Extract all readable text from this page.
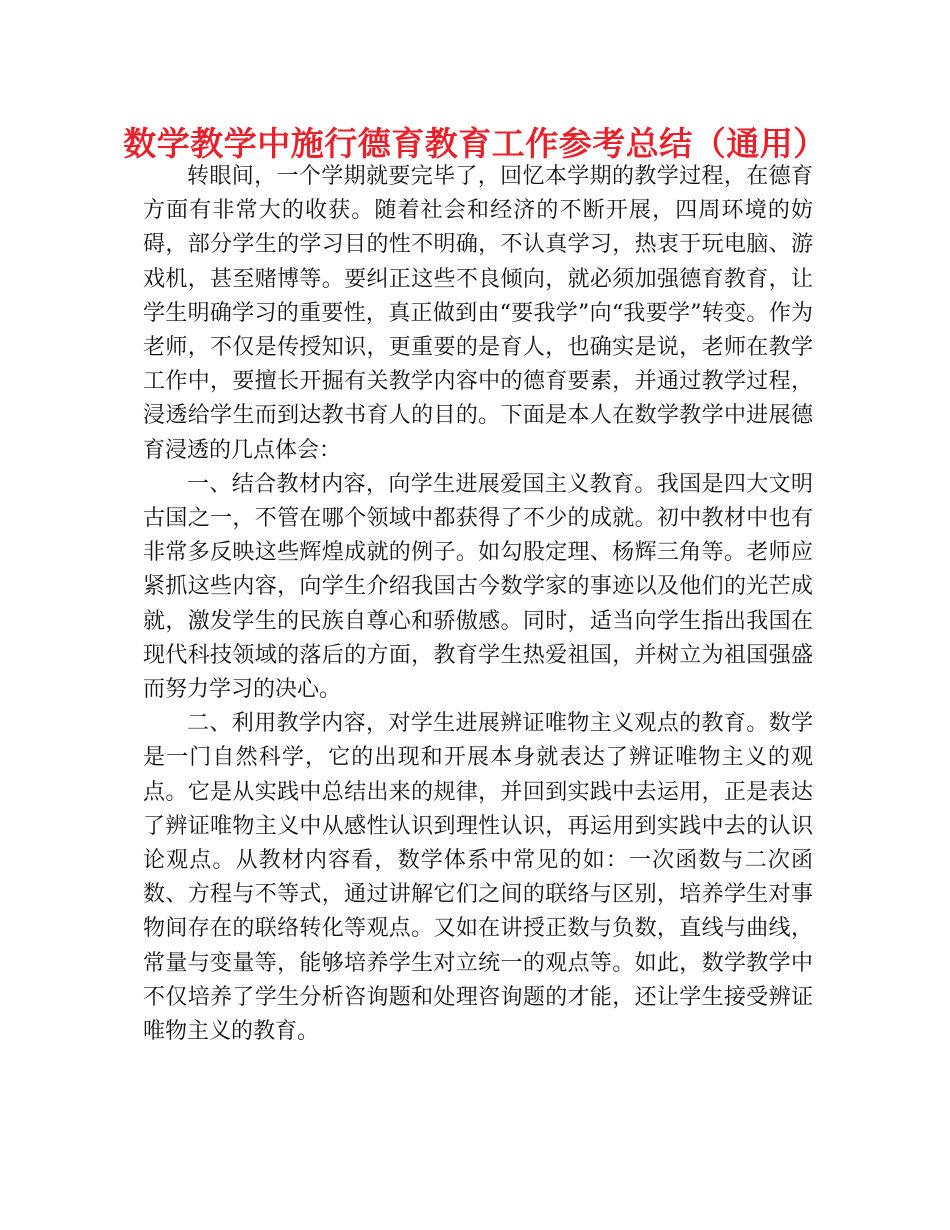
数学教学中施行德育教育工作参考总结（通用）

转眼间，一个学期就要完毕了，回忆本学期的教学过程，在德育方面有非常大的收获。随着社会和经济的不断开展，四周环境的妨碍，部分学生的学习目的性不明确，不认真学习，热衷于玩电脑、游戏机，甚至赌博等。要纠正这些不良倾向，就必须加强德育教育，让学生明确学习的重要性，真正做到由“要我学”向“我要学”转变。作为老师，不仅是传授知识，更重要的是育人，也确实是说，老师在教学工作中，要擅长开掘有关教学内容中的德育要素，并通过教学过程，浸透给学生而到达教书育人的目的。下面是本人在数学教学中进展德育浸透的几点体会：

一、结合教材内容，向学生进展爱国主义教育。我国是四大文明古国之一，不管在哪个领域中都获得了不少的成就。初中教材中也有非常多反映这些辉煌成就的例子。如勾股定理、杨辉三角等。老师应紧抓这些内容，向学生介绍我国古今数学家的事迹以及他们的光芒成就，激发学生的民族自尊心和骄傲感。同时，适当向学生指出我国在现代科技领域的落后的方面，教育学生热爱祖国，并树立为祖国强盛而努力学习的决心。

二、利用教学内容，对学生进展辨证唯物主义观点的教育。数学是一门自然科学，它的出现和开展本身就表达了辨证唯物主义的观点。它是从实践中总结出来的规律，并回到实践中去运用，正是表达了辨证唯物主义中从感性认识到理性认识，再运用到实践中去的认识论观点。从教材内容看，数学体系中常见的如：一次函数与二次函数、方程与不等式，通过讲解它们之间的联络与区别，培养学生对事物间存在的联络转化等观点。又如在讲授正数与负数，直线与曲线，常量与变量等，能够培养学生对立统一的观点等。如此，数学教学中不仅培养了学生分析咨询题和处理咨询题的才能，还让学生接受辨证唯物主义的教育。
